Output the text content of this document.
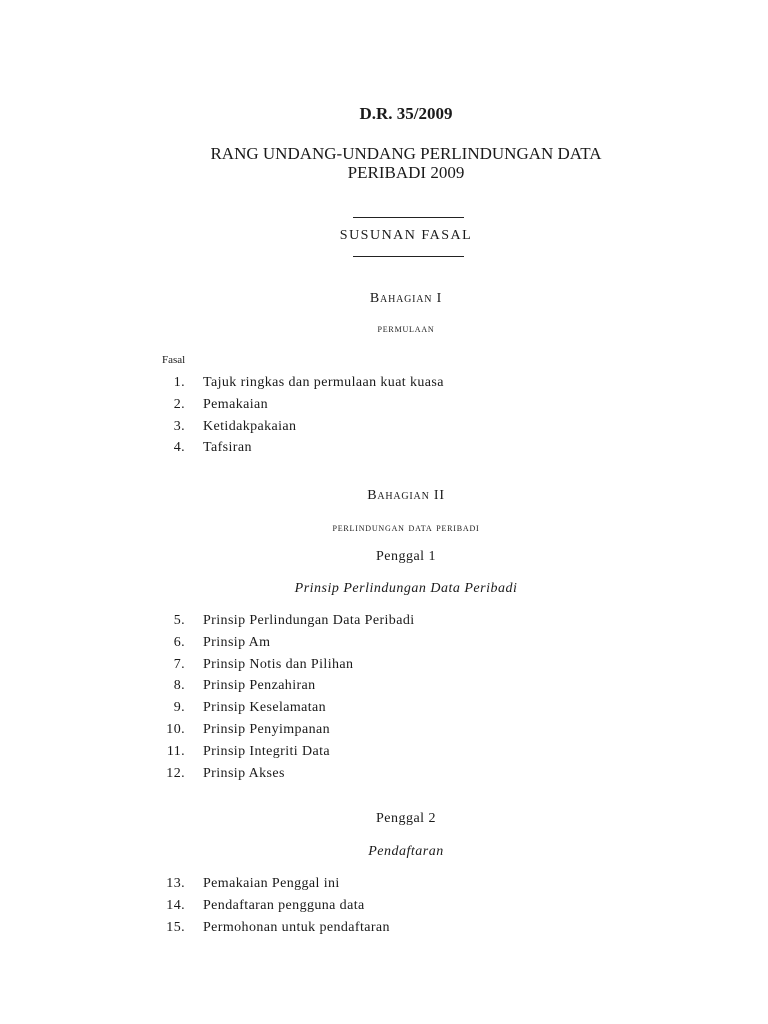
D.R. 35/2009
RANG UNDANG-UNDANG PERLINDUNGAN DATA
PERIBADI 2009
SUSUNAN FASAL
Bahagian I
permulaan
Fasal
1. Tajuk ringkas dan permulaan kuat kuasa
2. Pemakaian
3. Ketidakpakaian
4. Tafsiran
Bahagian II
perlindungan data peribadi
Penggal 1
Prinsip Perlindungan Data Peribadi
5. Prinsip Perlindungan Data Peribadi
6. Prinsip Am
7. Prinsip Notis dan Pilihan
8. Prinsip Penzahiran
9. Prinsip Keselamatan
10. Prinsip Penyimpanan
11. Prinsip Integriti Data
12. Prinsip Akses
Penggal 2
Pendaftaran
13. Pemakaian Penggal ini
14. Pendaftaran pengguna data
15. Permohonan untuk pendaftaran
